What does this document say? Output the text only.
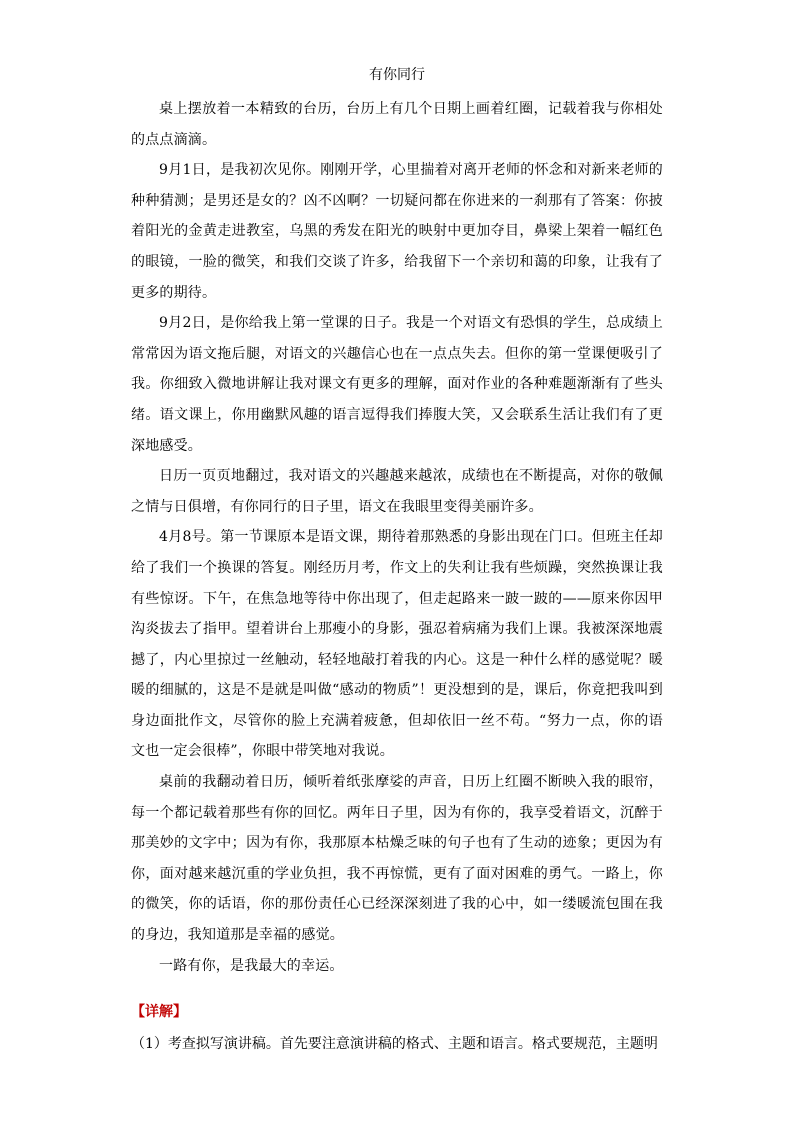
有你同行

桌上摆放着一本精致的台历，台历上有几个日期上画着红圈，记载着我与你相处的点点滴滴。

9月1日，是我初次见你。刚刚开学，心里揣着对离开老师的怀念和对新来老师的种种猜测；是男还是女的？凶不凶啊？一切疑问都在你进来的一刹那有了答案：你披着阳光的金黄走进教室，乌黑的秀发在阳光的映射中更加夺目，鼻梁上架着一幅红色的眼镜，一脸的微笑，和我们交谈了许多，给我留下一个亲切和蔼的印象，让我有了更多的期待。

9月2日，是你给我上第一堂课的日子。我是一个对语文有恐惧的学生，总成绩上常常因为语文拖后腿，对语文的兴趣信心也在一点点失去。但你的第一堂课便吸引了我。你细致入微地讲解让我对课文有更多的理解，面对作业的各种难题渐渐有了些头绪。语文课上，你用幽默风趣的语言逗得我们捧腹大笑，又会联系生活让我们有了更深地感受。

日历一页页地翻过，我对语文的兴趣越来越浓，成绩也在不断提高，对你的敬佩之情与日俱增，有你同行的日子里，语文在我眼里变得美丽许多。

4月8号。第一节课原本是语文课，期待着那熟悉的身影出现在门口。但班主任却给了我们一个换课的答复。刚经历月考，作文上的失利让我有些烦躁，突然换课让我有些惊讶。下午，在焦急地等待中你出现了，但走起路来一跛一跛的——原来你因甲沟炎拔去了指甲。望着讲台上那瘦小的身影，强忍着病痛为我们上课。我被深深地震撼了，内心里掠过一丝触动，轻轻地敲打着我的内心。这是一种什么样的感觉呢？暖暖的细腻的，这是不是就是叫做“感动的物质”！更没想到的是，课后，你竟把我叫到身边面批作文，尽管你的脸上充满着疲惫，但却依旧一丝不苟。“努力一点，你的语文也一定会很棒”，你眼中带笑地对我说。

桌前的我翻动着日历，倾听着纸张摩娑的声音，日历上红圈不断映入我的眼帘，每一个都记载着那些有你的回忆。两年日子里，因为有你的，我享受着语文，沉醉于那美妙的文字中；因为有你，我那原本枯燥乏味的句子也有了生动的迹象；更因为有你，面对越来越沉重的学业负担，我不再惊慌，更有了面对困难的勇气。一路上，你的微笑，你的话语，你的那份责任心已经深深刻进了我的心中，如一缕暖流包围在我的身边，我知道那是幸福的感觉。

一路有你，是我最大的幸运。

【详解】
（1）考查拟写演讲稿。首先要注意演讲稿的格式、主题和语言。格式要规范，主题明
